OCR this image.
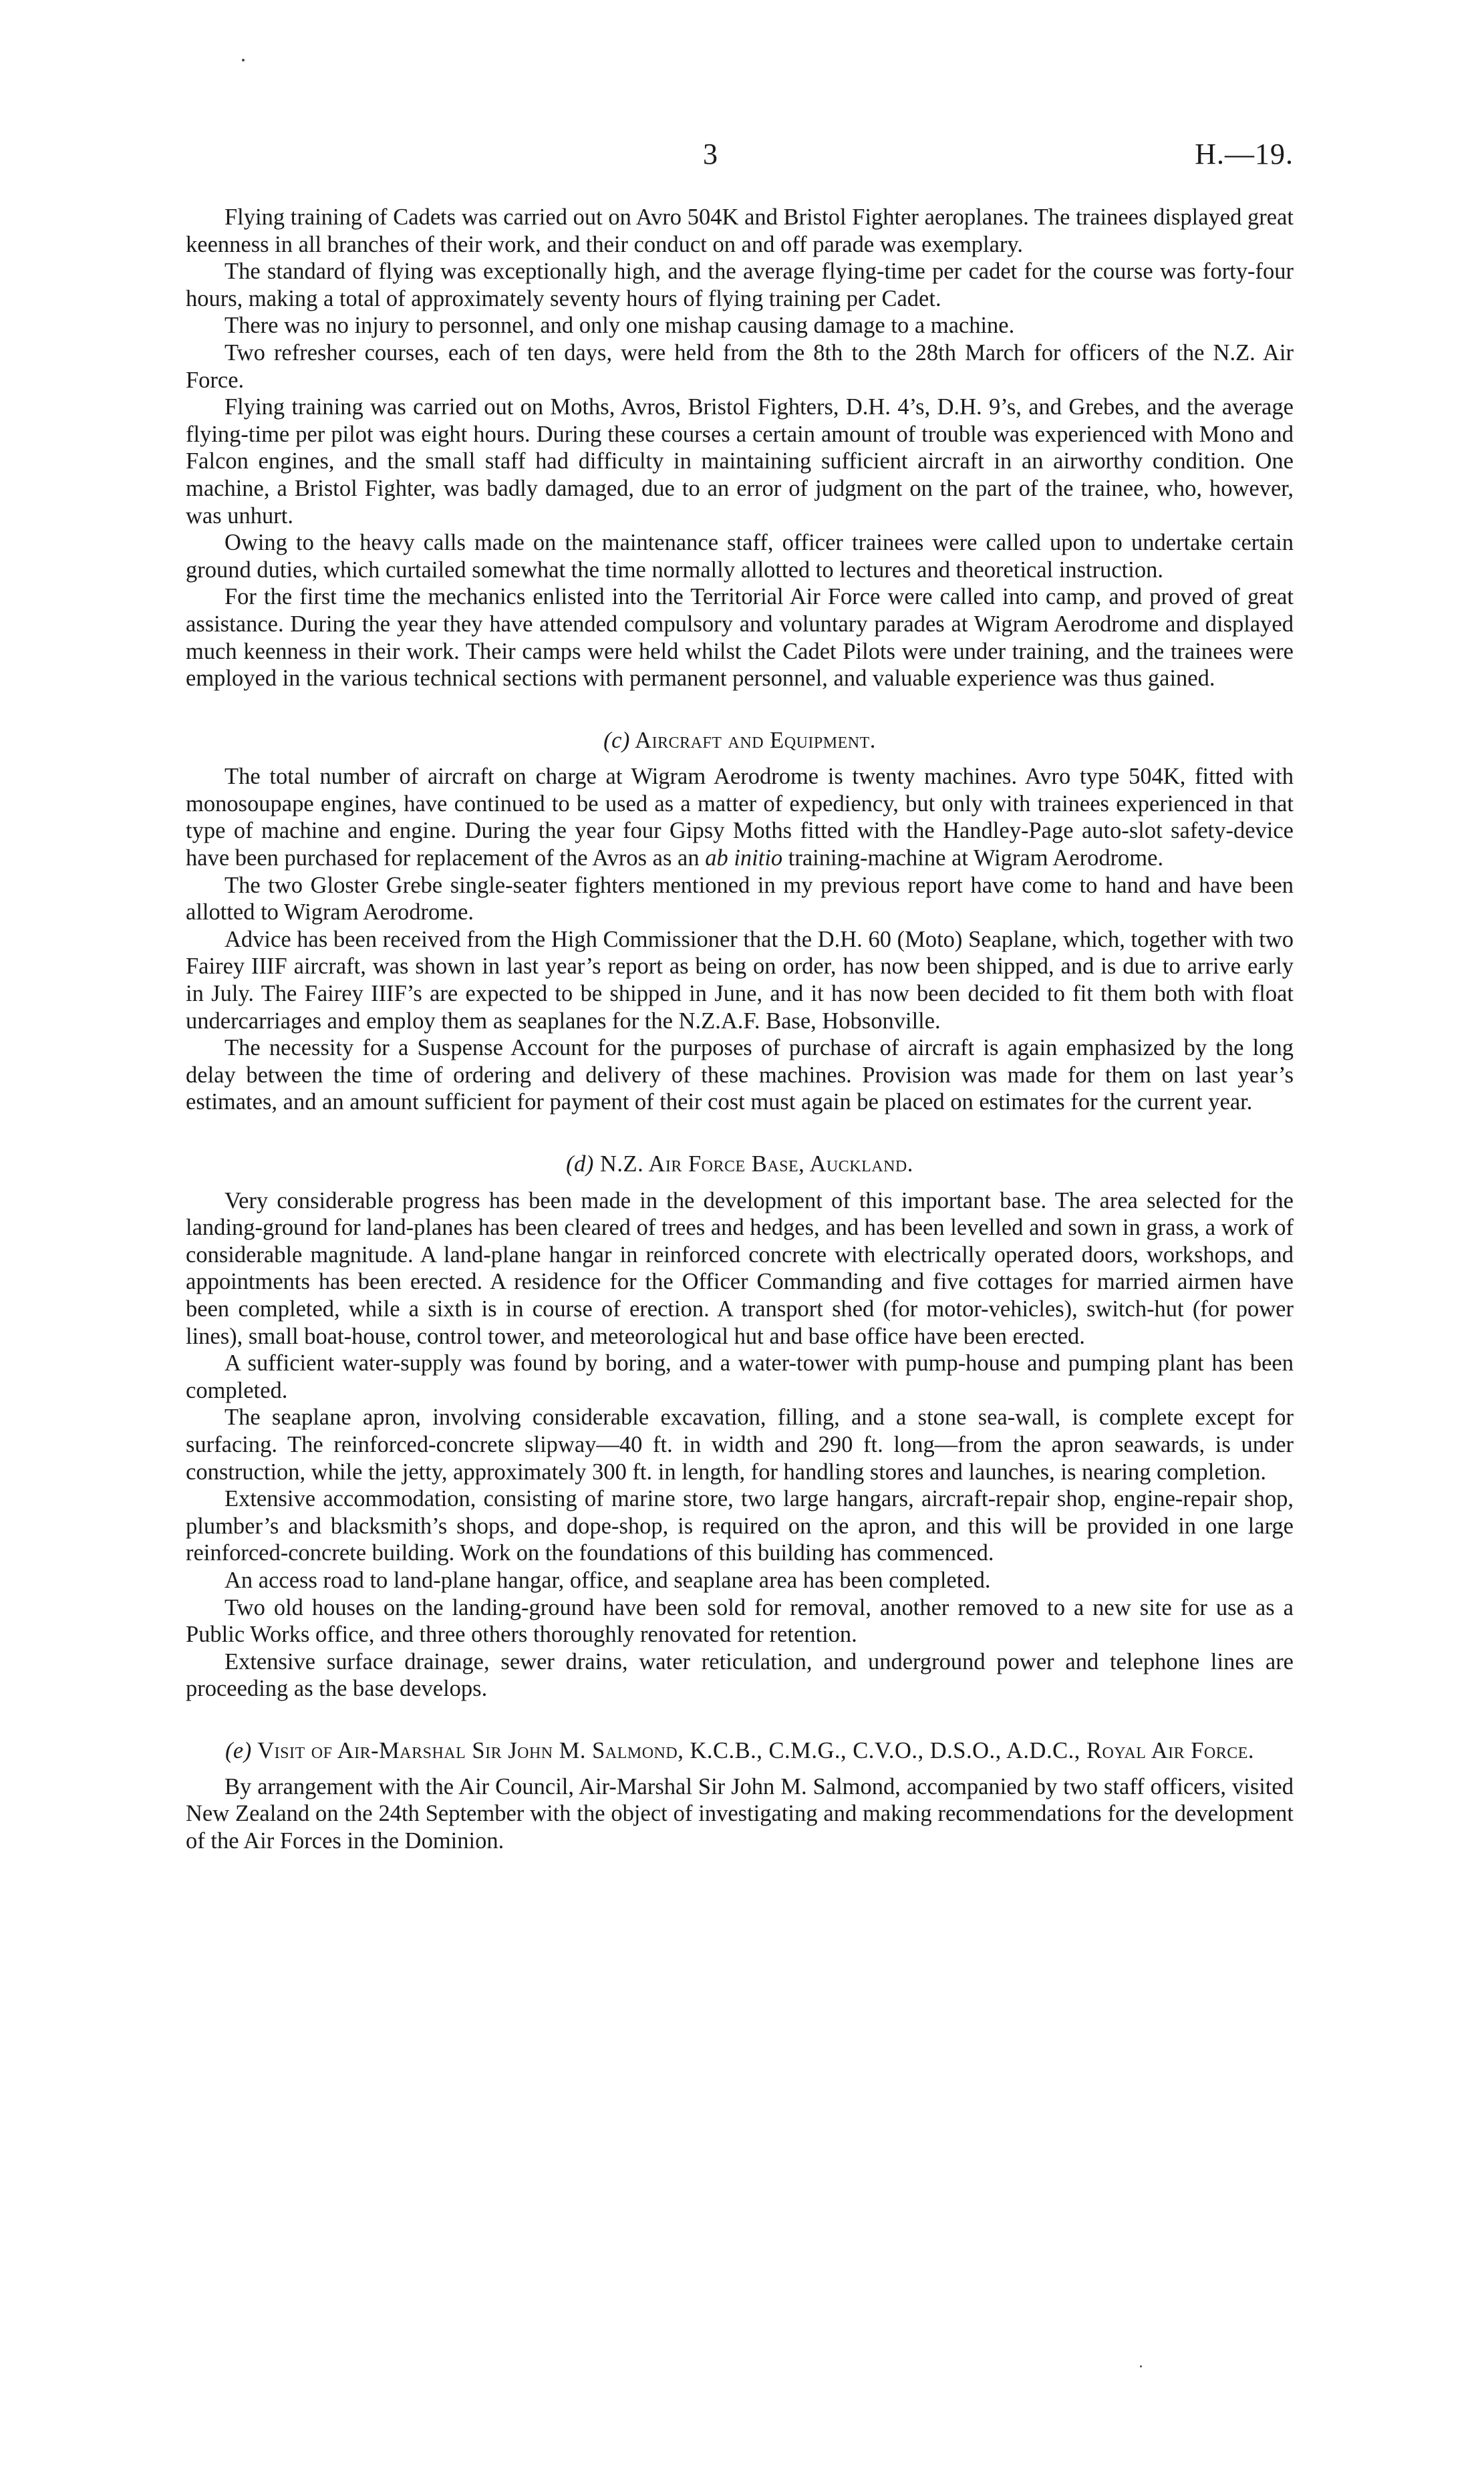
3	H.—19.

Flying training of Cadets was carried out on Avro 504K and Bristol Fighter aeroplanes. The trainees displayed great keenness in all branches of their work, and their conduct on and off parade was exemplary.

The standard of flying was exceptionally high, and the average flying-time per cadet for the course was forty-four hours, making a total of approximately seventy hours of flying training per Cadet.

There was no injury to personnel, and only one mishap causing damage to a machine.

Two refresher courses, each of ten days, were held from the 8th to the 28th March for officers of the N.Z. Air Force.

Flying training was carried out on Moths, Avros, Bristol Fighters, D.H. 4’s, D.H. 9’s, and Grebes, and the average flying-time per pilot was eight hours. During these courses a certain amount of trouble was experienced with Mono and Falcon engines, and the small staff had difficulty in maintaining sufficient aircraft in an airworthy condition. One machine, a Bristol Fighter, was badly damaged, due to an error of judgment on the part of the trainee, who, however, was unhurt.

Owing to the heavy calls made on the maintenance staff, officer trainees were called upon to undertake certain ground duties, which curtailed somewhat the time normally allotted to lectures and theoretical instruction.

For the first time the mechanics enlisted into the Territorial Air Force were called into camp, and proved of great assistance. During the year they have attended compulsory and voluntary parades at Wigram Aerodrome and displayed much keenness in their work. Their camps were held whilst the Cadet Pilots were under training, and the trainees were employed in the various technical sections with permanent personnel, and valuable experience was thus gained.

(c) Aircraft and Equipment.

The total number of aircraft on charge at Wigram Aerodrome is twenty machines. Avro type 504K, fitted with monosoupape engines, have continued to be used as a matter of expediency, but only with trainees experienced in that type of machine and engine. During the year four Gipsy Moths fitted with the Handley-Page auto-slot safety-device have been purchased for replacement of the Avros as an ab initio training-machine at Wigram Aerodrome.

The two Gloster Grebe single-seater fighters mentioned in my previous report have come to hand and have been allotted to Wigram Aerodrome.

Advice has been received from the High Commissioner that the D.H. 60 (Moto) Seaplane, which, together with two Fairey IIIF aircraft, was shown in last year’s report as being on order, has now been shipped, and is due to arrive early in July. The Fairey IIIF’s are expected to be shipped in June, and it has now been decided to fit them both with float undercarriages and employ them as seaplanes for the N.Z.A.F. Base, Hobsonville.

The necessity for a Suspense Account for the purposes of purchase of aircraft is again emphasized by the long delay between the time of ordering and delivery of these machines. Provision was made for them on last year’s estimates, and an amount sufficient for payment of their cost must again be placed on estimates for the current year.

(d) N.Z. Air Force Base, Auckland.

Very considerable progress has been made in the development of this important base. The area selected for the landing-ground for land-planes has been cleared of trees and hedges, and has been levelled and sown in grass, a work of considerable magnitude. A land-plane hangar in reinforced concrete with electrically operated doors, workshops, and appointments has been erected. A residence for the Officer Commanding and five cottages for married airmen have been completed, while a sixth is in course of erection. A transport shed (for motor-vehicles), switch-hut (for power lines), small boat-house, control tower, and meteorological hut and base office have been erected.

A sufficient water-supply was found by boring, and a water-tower with pump-house and pumping plant has been completed.

The seaplane apron, involving considerable excavation, filling, and a stone sea-wall, is complete except for surfacing. The reinforced-concrete slipway—40 ft. in width and 290 ft. long—from the apron seawards, is under construction, while the jetty, approximately 300 ft. in length, for handling stores and launches, is nearing completion.

Extensive accommodation, consisting of marine store, two large hangars, aircraft-repair shop, engine-repair shop, plumber’s and blacksmith’s shops, and dope-shop, is required on the apron, and this will be provided in one large reinforced-concrete building. Work on the foundations of this building has commenced.

An access road to land-plane hangar, office, and seaplane area has been completed.

Two old houses on the landing-ground have been sold for removal, another removed to a new site for use as a Public Works office, and three others thoroughly renovated for retention.

Extensive surface drainage, sewer drains, water reticulation, and underground power and telephone lines are proceeding as the base develops.

(e) Visit of Air-Marshal Sir John M. Salmond, K.C.B., C.M.G., C.V.O., D.S.O., A.D.C., Royal Air Force.

By arrangement with the Air Council, Air-Marshal Sir John M. Salmond, accompanied by two staff officers, visited New Zealand on the 24th September with the object of investigating and making recommendations for the development of the Air Forces in the Dominion.
